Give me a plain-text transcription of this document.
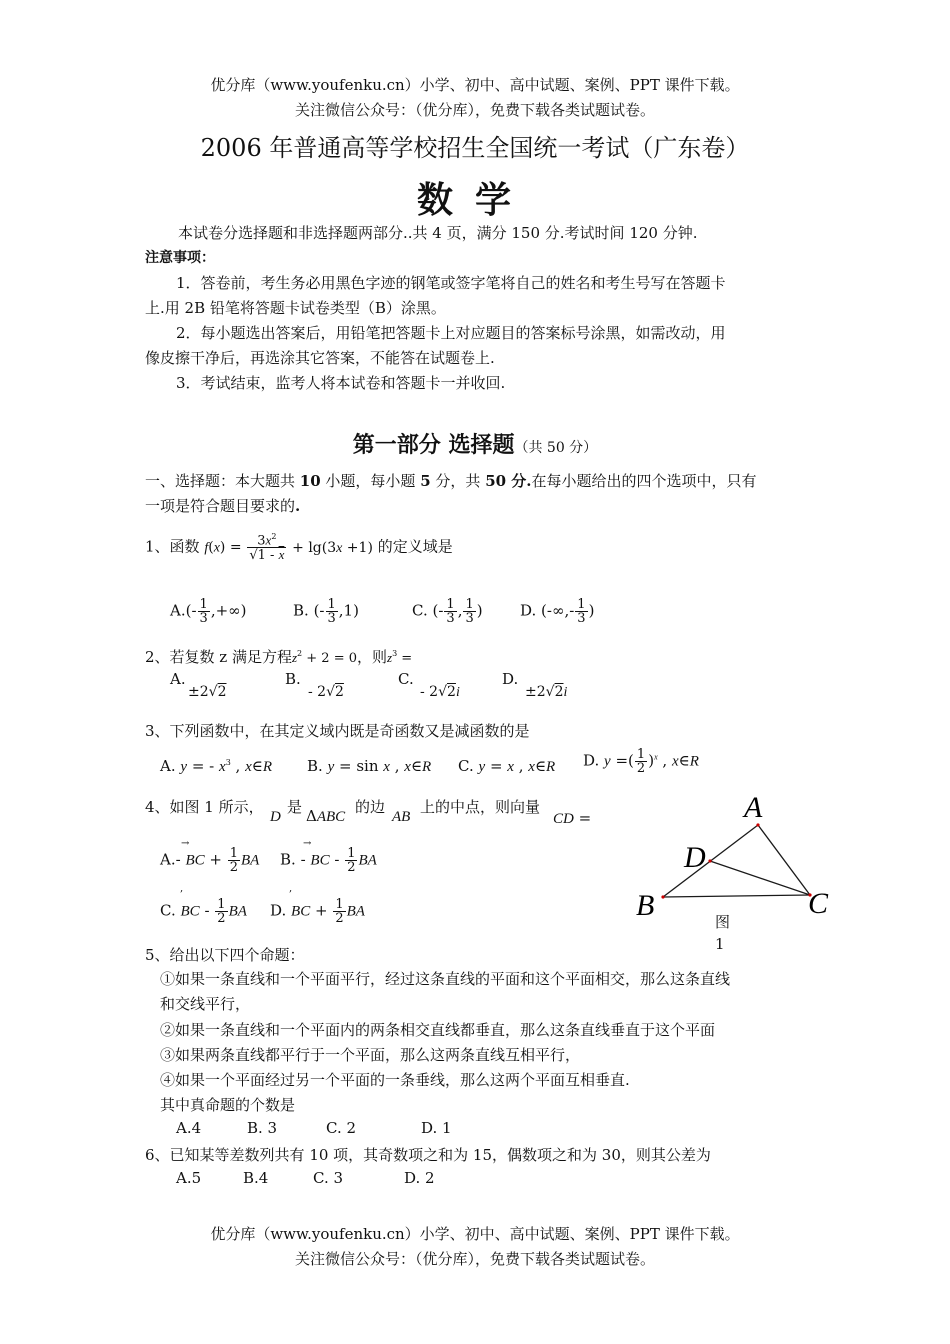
优分库（www.youfenku.cn）小学、初中、高中试题、案例、PPT 课件下载。
关注微信公众号：（优分库），免费下载各类试题试卷。
2006 年普通高等学校招生全国统一考试（广东卷）
数学
本试卷分选择题和非选择题两部分..共 4 页，满分 150 分.考试时间 120 分钟.
注意事项：
1．答卷前，考生务必用黑色字迹的钢笔或签字笔将自己的姓名和考生号写在答题卡
上.用 2B 铅笔将答题卡试卷类型（B）涂黑。
2．每小题选出答案后，用铅笔把答题卡上对应题目的答案标号涂黑，如需改动，用
像皮擦干净后，再选涂其它答案，不能答在试题卷上.
3．考试结束，监考人将本试卷和答题卡一并收回.
第一部分 选择题（共 50 分）
一、选择题：本大题共 10 小题，每小题 5 分，共 50 分.在每小题给出的四个选项中，只有
一项是符合题目要求的.
1、函数 $f(x) = \frac{3x^2}{√1 - x} + \lg(3x +1)$ 的定义域是
$A.(- \frac{1}{3}$ ,+∞)	B. (- $\frac{1}{3} ,1$)	C. (- $\frac{1}{3}$ , $\frac{1}{3}$ ) D. (-∞,- $\frac{1}{3}$ )
2、若复数 z 满足方程$z^2 + 2 = 0$，则$z^3$ =
A.
±2√2
B.
- 2√2
C.
- 2√2i
D.
±2√2i
3、下列函数中，在其定义域内既是奇函数又是减函数的是
A. y = - $x^3$ , x∈R B. y = sin x , x∈R C. y = x , x∈R D. y =( $\frac{1}{2} )^x$ , x∈R
4、如图 1 所示，
D
是 ΔABC
的边
AB
上的中点，则向量
CD =
→	→
A.- BC + $\frac{1}{2}$ BA B. - BC - $\frac{1}{2}$ BA
,	,
C. BC - $\frac{1}{2}$ BA D. BC + $\frac{1}{2}$ BA
A
D
B	C
图
1
5、给出以下四个命题：
①如果一条直线和一个平面平行，经过这条直线的平面和这个平面相交，那么这条直线
和交线平行，
②如果一条直线和一个平面内的两条相交直线都垂直，那么这条直线垂直于这个平面
③如果两条直线都平行于一个平面，那么这两条直线互相平行，
④如果一个平面经过另一个平面的一条垂线，那么这两个平面互相垂直.
其中真命题的个数是
A.4	B. 3	C. 2	D. 1
6、已知某等差数列共有 10 项，其奇数项之和为 15，偶数项之和为 30，则其公差为
A.5	B.4	C. 3	D. 2
优分库（www.youfenku.cn）小学、初中、高中试题、案例、PPT 课件下载。
关注微信公众号：（优分库），免费下载各类试题试卷。
